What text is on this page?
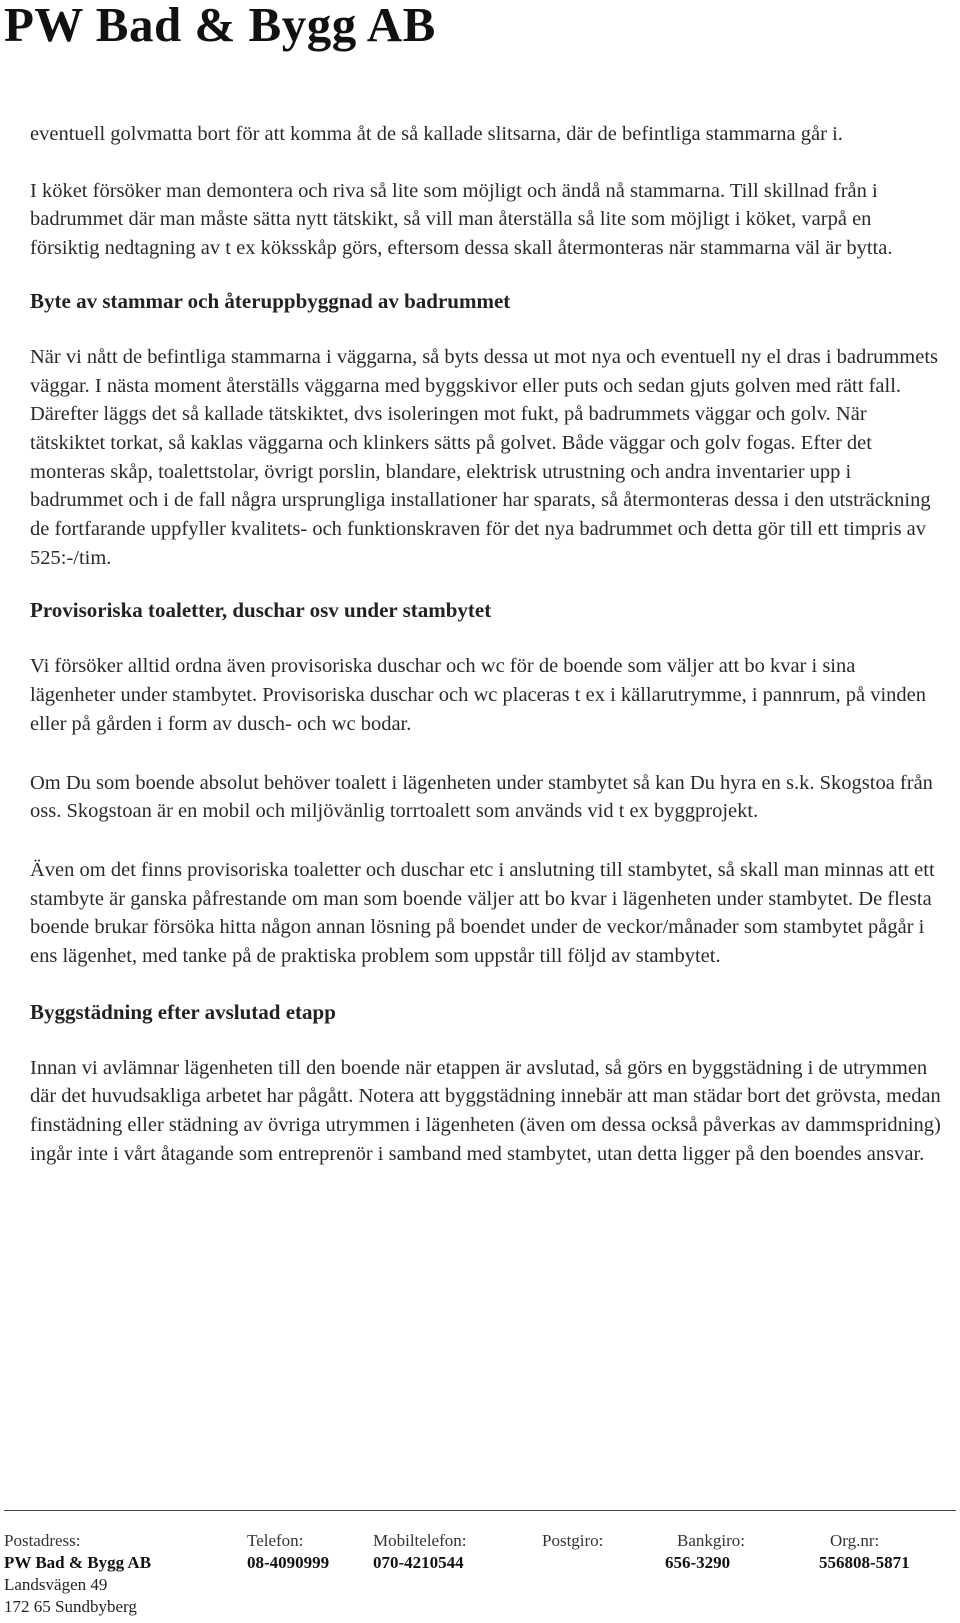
PW Bad & Bygg AB

eventuell golvmatta bort för att komma åt de så kallade slitsarna, där de befintliga stammarna går i.

I köket försöker man demontera och riva så lite som möjligt och ändå nå stammarna. Till skillnad från i badrummet där man måste sätta nytt tätskikt, så vill man återställa så lite som möjligt i köket, varpå en försiktig nedtagning av t ex köksskåp görs, eftersom dessa skall återmonteras när stammarna väl är bytta.

Byte av stammar och återuppbyggnad av badrummet

När vi nått de befintliga stammarna i väggarna, så byts dessa ut mot nya och eventuell ny el dras i badrummets väggar. I nästa moment återställs väggarna med byggskivor eller puts och sedan gjuts golven med rätt fall. Därefter läggs det så kallade tätskiktet, dvs isoleringen mot fukt, på badrummets väggar och golv. När tätskiktet torkat, så kaklas väggarna och klinkers sätts på golvet. Både väggar och golv fogas. Efter det monteras skåp, toalettstolar, övrigt porslin, blandare, elektrisk utrustning och andra inventarier upp i badrummet och i de fall några ursprungliga installationer har sparats, så återmonteras dessa i den utsträckning de fortfarande uppfyller kvalitets- och funktionskraven för det nya badrummet och detta gör till ett timpris av 525:-/tim.

Provisoriska toaletter, duschar osv under stambytet

Vi försöker alltid ordna även provisoriska duschar och wc för de boende som väljer att bo kvar i sina lägenheter under stambytet. Provisoriska duschar och wc placeras t ex i källarutrymme, i pannrum, på vinden eller på gården i form av dusch- och wc bodar.

Om Du som boende absolut behöver toalett i lägenheten under stambytet så kan Du hyra en s.k. Skogstoa från oss. Skogstoan är en mobil och miljövänlig torrtoalett som används vid t ex byggprojekt.

Även om det finns provisoriska toaletter och duschar etc i anslutning till stambytet, så skall man minnas att ett stambyte är ganska påfrestande om man som boende väljer att bo kvar i lägenheten under stambytet. De flesta boende brukar försöka hitta någon annan lösning på boendet under de veckor/månader som stambytet pågår i ens lägenhet, med tanke på de praktiska problem som uppstår till följd av stambytet.

Byggstädning efter avslutad etapp

Innan vi avlämnar lägenheten till den boende när etappen är avslutad, så görs en byggstädning i de utrymmen där det huvudsakliga arbetet har pågått. Notera att byggstädning innebär att man städar bort det grövsta, medan finstädning eller städning av övriga utrymmen i lägenheten (även om dessa också påverkas av dammspridning) ingår inte i vårt åtagande som entreprenör i samband med stambytet, utan detta ligger på den boendes ansvar.

Postadress:
PW Bad & Bygg AB
Landsvägen 49
172 65 Sundbyberg
Telefon:
08-4090999
Mobiltelefon:
070-4210544
Postgiro:	Bankgiro:
656-3290
Org.nr:
556808-5871
